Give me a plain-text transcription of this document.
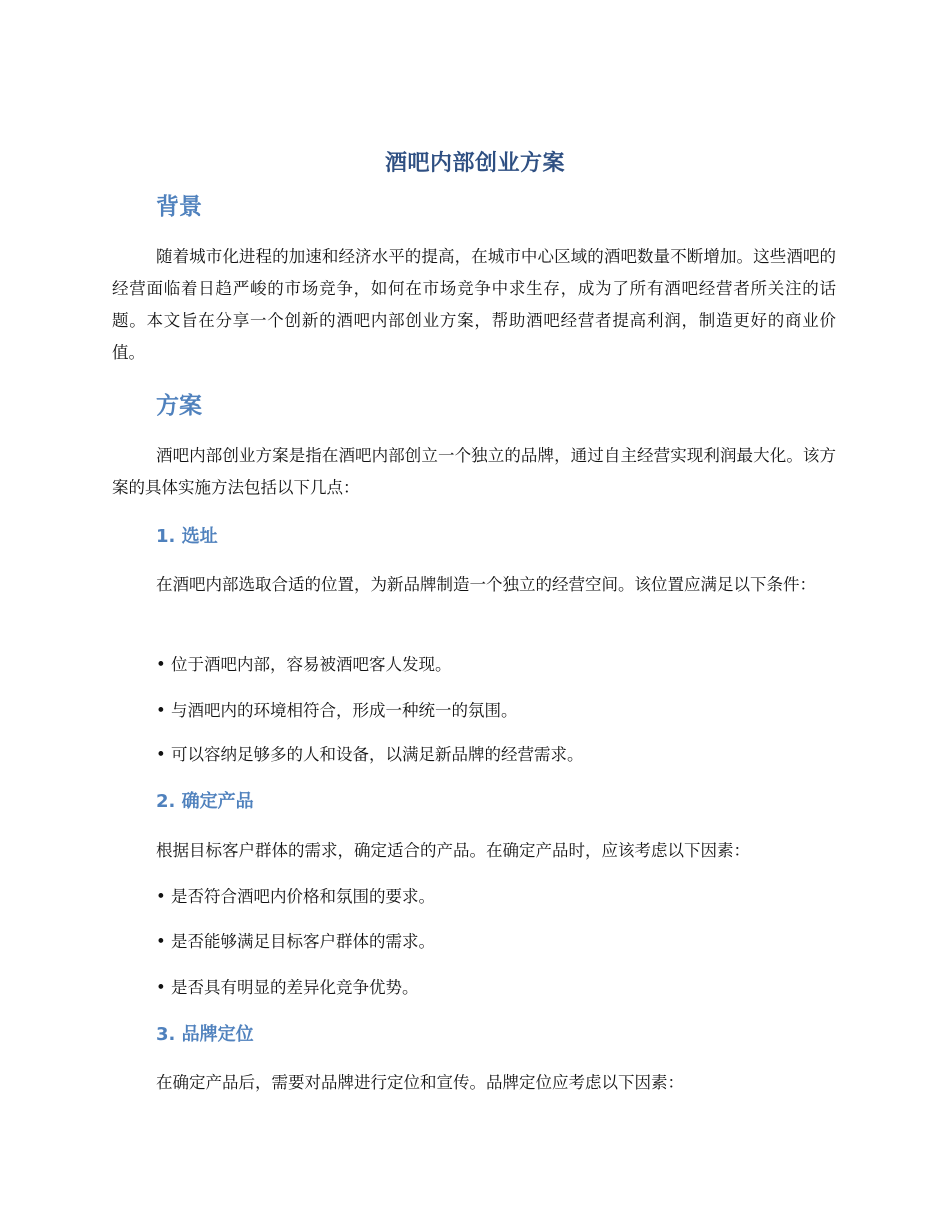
酒吧内部创业方案
背景
随着城市化进程的加速和经济水平的提高，在城市中心区域的酒吧数量不断增加。这些酒吧的经营面临着日趋严峻的市场竞争，如何在市场竞争中求生存，成为了所有酒吧经营者所关注的话题。本文旨在分享一个创新的酒吧内部创业方案，帮助酒吧经营者提高利润，制造更好的商业价值。
方案
酒吧内部创业方案是指在酒吧内部创立一个独立的品牌，通过自主经营实现利润最大化。该方案的具体实施方法包括以下几点：
1. 选址
在酒吧内部选取合适的位置，为新品牌制造一个独立的经营空间。该位置应满足以下条件：
• 位于酒吧内部，容易被酒吧客人发现。
• 与酒吧内的环境相符合，形成一种统一的氛围。
• 可以容纳足够多的人和设备，以满足新品牌的经营需求。
2. 确定产品
根据目标客户群体的需求，确定适合的产品。在确定产品时，应该考虑以下因素：
• 是否符合酒吧内价格和氛围的要求。
• 是否能够满足目标客户群体的需求。
• 是否具有明显的差异化竞争优势。
3. 品牌定位
在确定产品后，需要对品牌进行定位和宣传。品牌定位应考虑以下因素：
